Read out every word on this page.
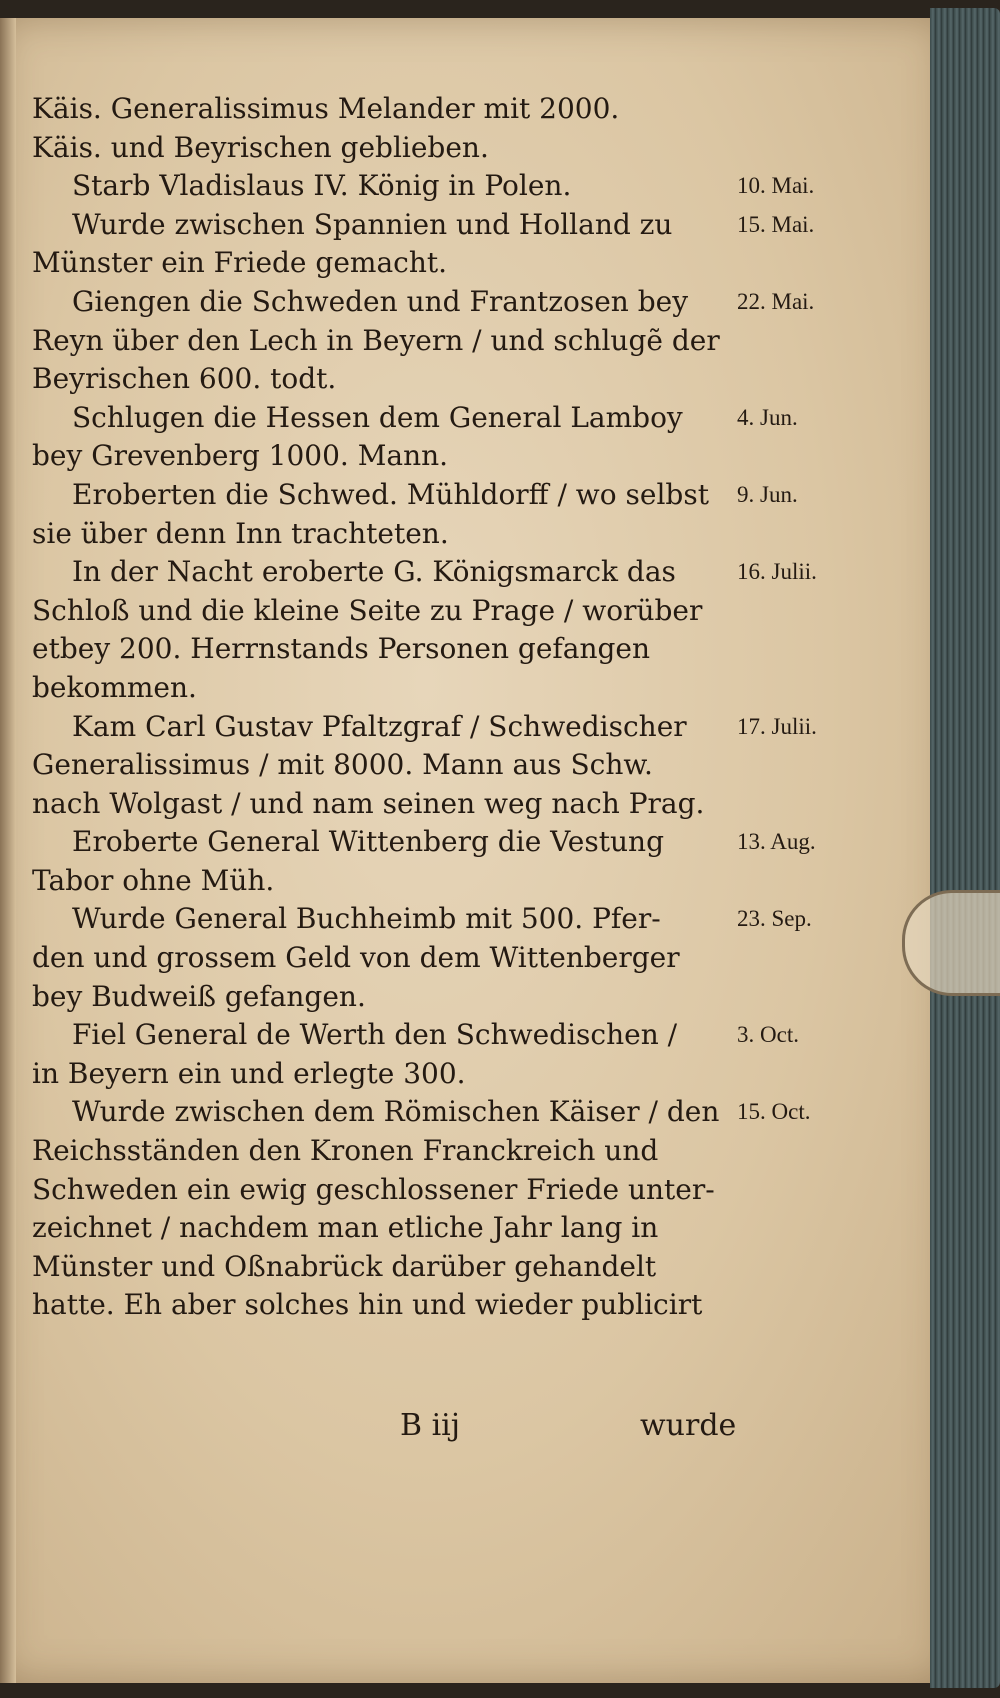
Käis. Generalissimus Melander mit 2000.
Käis. und Beyrischen geblieben.
Starb Vladislaus IV. König in Polen.	10. Mai.
Wurde zwischen Spannien und Holland zu	15. Mai.
Münster ein Friede gemacht.
Giengen die Schweden und Frantzosen bey 22. Mai.
Reyn über den Lech in Beyern / und schlugẽ der
Beyrischen 600. todt.
Schlugen die Hessen dem General Lamboy 4. Jun.
bey Grevenberg 1000. Mann.
Eroberten die Schwed. Mühldorff / wo selbst 9. Jun.
sie über denn Inn trachteten.
In der Nacht eroberte G. Königsmarck das	16. Julii.
Schloß und die kleine Seite zu Prage / worüber
etbey 200. Herrnstands Personen gefangen
bekommen.
Kam Carl Gustav Pfaltzgraf / Schwedischer 17. Julii.
Generalissimus / mit 8000. Mann aus Schw.
nach Wolgast / und nam seinen weg nach Prag.
Eroberte General Wittenberg die Vestung	13. Aug.
Tabor ohne Müh.
Wurde General Buchheimb mit 500. Pfer-	23. Sep.
den und grossem Geld von dem Wittenberger
bey Budweiß gefangen.
Fiel General de Werth den Schwedischen /	3. Oct.
in Beyern ein und erlegte 300.
Wurde zwischen dem Römischen Käiser / den 15. Oct.
Reichsständen den Kronen Franckreich und
Schweden ein ewig geschlossener Friede unter-
zeichnet / nachdem man etliche Jahr lang in
Münster und Oßnabrück darüber gehandelt
hatte. Eh aber solches hin und wieder publicirt
B iij	wurde
